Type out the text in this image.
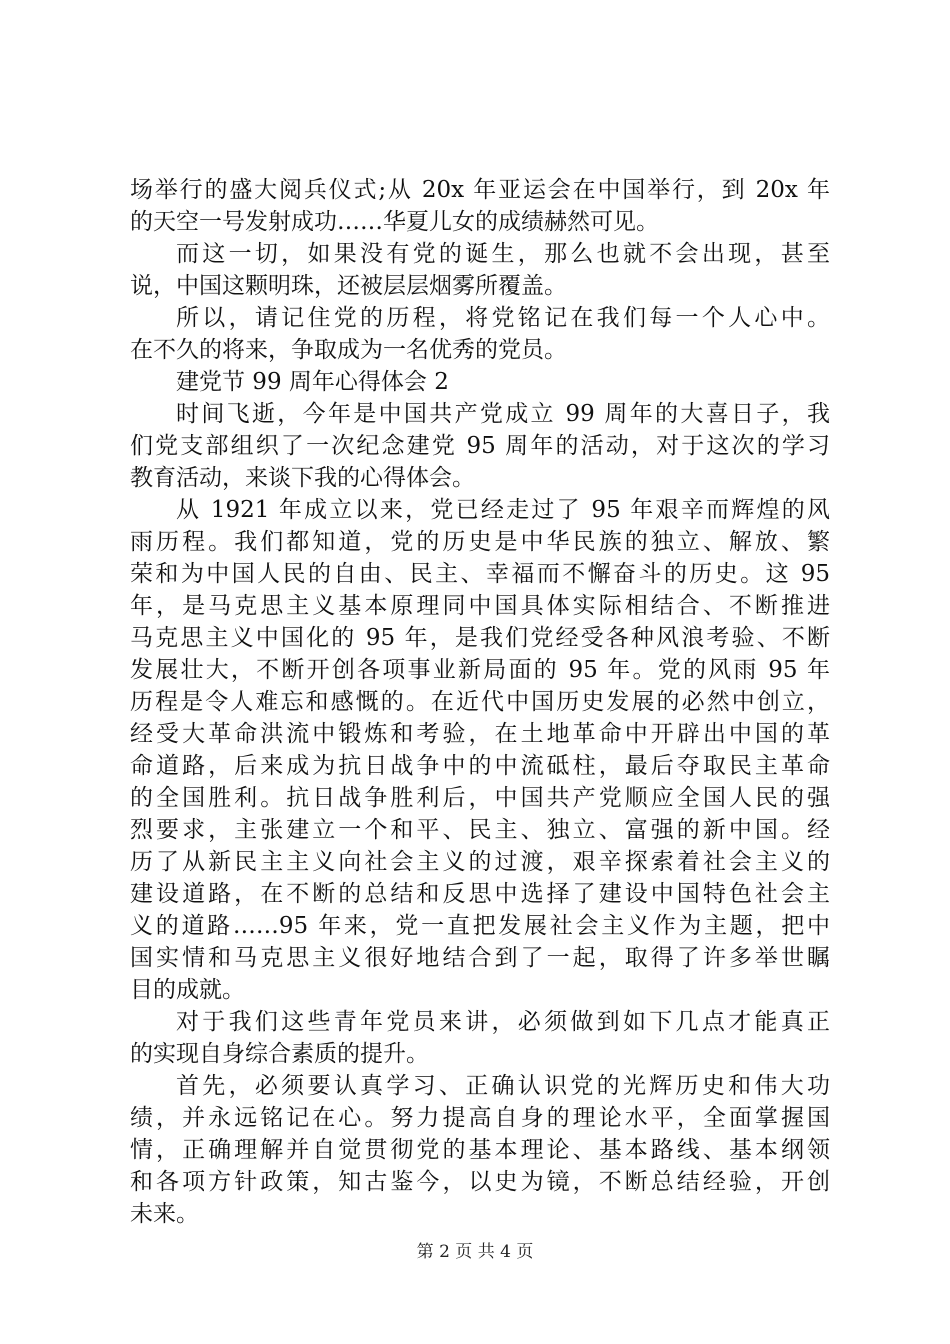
场举行的盛大阅兵仪式;从 20x 年亚运会在中国举行，到 20x 年
的天空一号发射成功……华夏儿女的成绩赫然可见。
而这一切，如果没有党的诞生，那么也就不会出现，甚至
说，中国这颗明珠，还被层层烟雾所覆盖。
所以，请记住党的历程，将党铭记在我们每一个人心中。
在不久的将来，争取成为一名优秀的党员。
建党节 99 周年心得体会 2
时间飞逝，今年是中国共产党成立 99 周年的大喜日子，我
们党支部组织了一次纪念建党 95 周年的活动，对于这次的学习
教育活动，来谈下我的心得体会。
从 1921 年成立以来，党已经走过了 95 年艰辛而辉煌的风
雨历程。我们都知道，党的历史是中华民族的独立、解放、繁
荣和为中国人民的自由、民主、幸福而不懈奋斗的历史。这 95
年，是马克思主义基本原理同中国具体实际相结合、不断推进
马克思主义中国化的 95 年，是我们党经受各种风浪考验、不断
发展壮大，不断开创各项事业新局面的 95 年。党的风雨 95 年
历程是令人难忘和感慨的。在近代中国历史发展的必然中创立，
经受大革命洪流中锻炼和考验，在土地革命中开辟出中国的革
命道路，后来成为抗日战争中的中流砥柱，最后夺取民主革命
的全国胜利。抗日战争胜利后，中国共产党顺应全国人民的强
烈要求，主张建立一个和平、民主、独立、富强的新中国。经
历了从新民主主义向社会主义的过渡，艰辛探索着社会主义的
建设道路，在不断的总结和反思中选择了建设中国特色社会主
义的道路……95 年来，党一直把发展社会主义作为主题，把中
国实情和马克思主义很好地结合到了一起，取得了许多举世瞩
目的成就。
对于我们这些青年党员来讲，必须做到如下几点才能真正
的实现自身综合素质的提升。
首先，必须要认真学习、正确认识党的光辉历史和伟大功
绩，并永远铭记在心。努力提高自身的理论水平，全面掌握国
情，正确理解并自觉贯彻党的基本理论、基本路线、基本纲领
和各项方针政策，知古鉴今，以史为镜，不断总结经验，开创
未来。
第 2 页 共 4 页
